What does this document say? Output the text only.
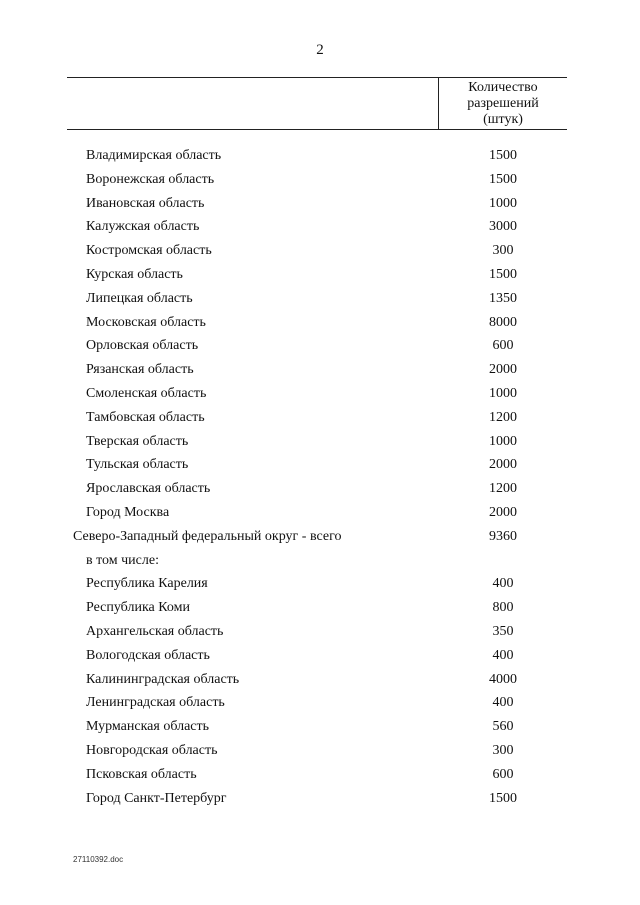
2
Количество
разрешений
(штук)
Владимирская область	1500
Воронежская область	1500
Ивановская область	1000
Калужская область	3000
Костромская область	300
Курская область	1500
Липецкая область	1350
Московская область	8000
Орловская область	600
Рязанская область	2000
Смоленская область	1000
Тамбовская область	1200
Тверская область	1000
Тульская область	2000
Ярославская область	1200
Город Москва	2000
Северо-Западный федеральный округ - всего	9360
в том числе:
Республика Карелия	400
Республика Коми	800
Архангельская область	350
Вологодская область	400
Калининградская область	4000
Ленинградская область	400
Мурманская область	560
Новгородская область	300
Псковская область	600
Город Санкт-Петербург	1500
27110392.doc
